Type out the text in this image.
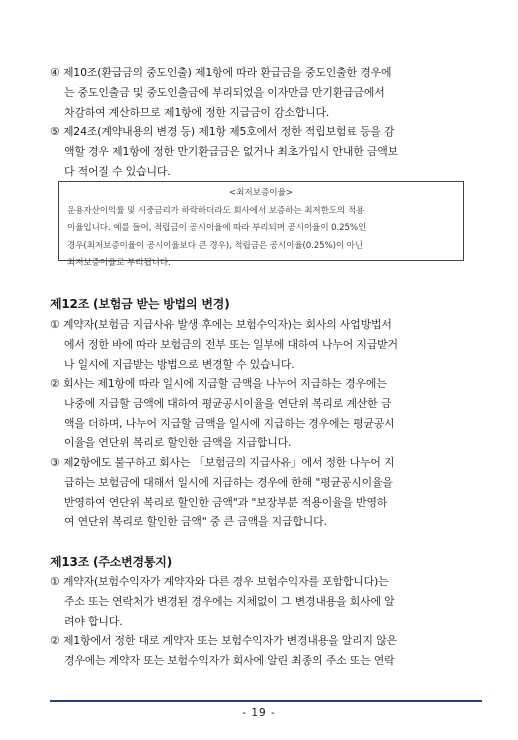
④ 제10조(환급금의 중도인출) 제1항에 따라 환급금을 중도인출한 경우에
는 중도인출금 및 중도인출금에 부리되었을 이자만큼 만기환급금에서
차감하여 계산하므로 제1항에 정한 지급금이 감소합니다.
⑤ 제24조(계약내용의 변경 등) 제1항 제5호에서 정한 적립보험료 등을 감
액할 경우 제1항에 정한 만기환급금은 없거나 최초가입시 안내한 금액보
다 적어질 수 있습니다.
<최저보증이율>
운용자산이익률 및 시중금리가 하락하더라도 회사에서 보증하는 최저한도의 적용
이율입니다. 예를 들어, 적립금이 공시이율에 따라 부리되며 공시이율이 0.25%인
경우(최저보증이율이 공시이율보다 큰 경우), 적립금은 공시이율(0.25%)이 아닌
최저보증이율로 부리됩니다.
제12조 (보험금 받는 방법의 변경)
① 계약자(보험금 지급사유 발생 후에는 보험수익자)는 회사의 사업방법서
에서 정한 바에 따라 보험금의 전부 또는 일부에 대하여 나누어 지급받거
나 일시에 지급받는 방법으로 변경할 수 있습니다.
② 회사는 제1항에 따라 일시에 지급할 금액을 나누어 지급하는 경우에는
나중에 지급할 금액에 대하여 평균공시이율을 연단위 복리로 계산한 금
액을 더하며, 나누어 지급할 금액을 일시에 지급하는 경우에는 평균공시
이율을 연단위 복리로 할인한 금액을 지급합니다.
③ 제2항에도 불구하고 회사는 「보험금의 지급사유」에서 정한 나누어 지
급하는 보험금에 대해서 일시에 지급하는 경우에 한해 "평균공시이율을
반영하여 연단위 복리로 할인한 금액"과 "보장부분 적용이율을 반영하
여 연단위 복리로 할인한 금액" 중 큰 금액을 지급합니다.
제13조 (주소변경통지)
① 계약자(보험수익자가 계약자와 다른 경우 보험수익자를 포함합니다)는
주소 또는 연락처가 변경된 경우에는 지체없이 그 변경내용을 회사에 알
려야 합니다.
② 제1항에서 정한 대로 계약자 또는 보험수익자가 변경내용을 알리지 않은
경우에는 계약자 또는 보험수익자가 회사에 알린 최종의 주소 또는 연락
- 19 -
